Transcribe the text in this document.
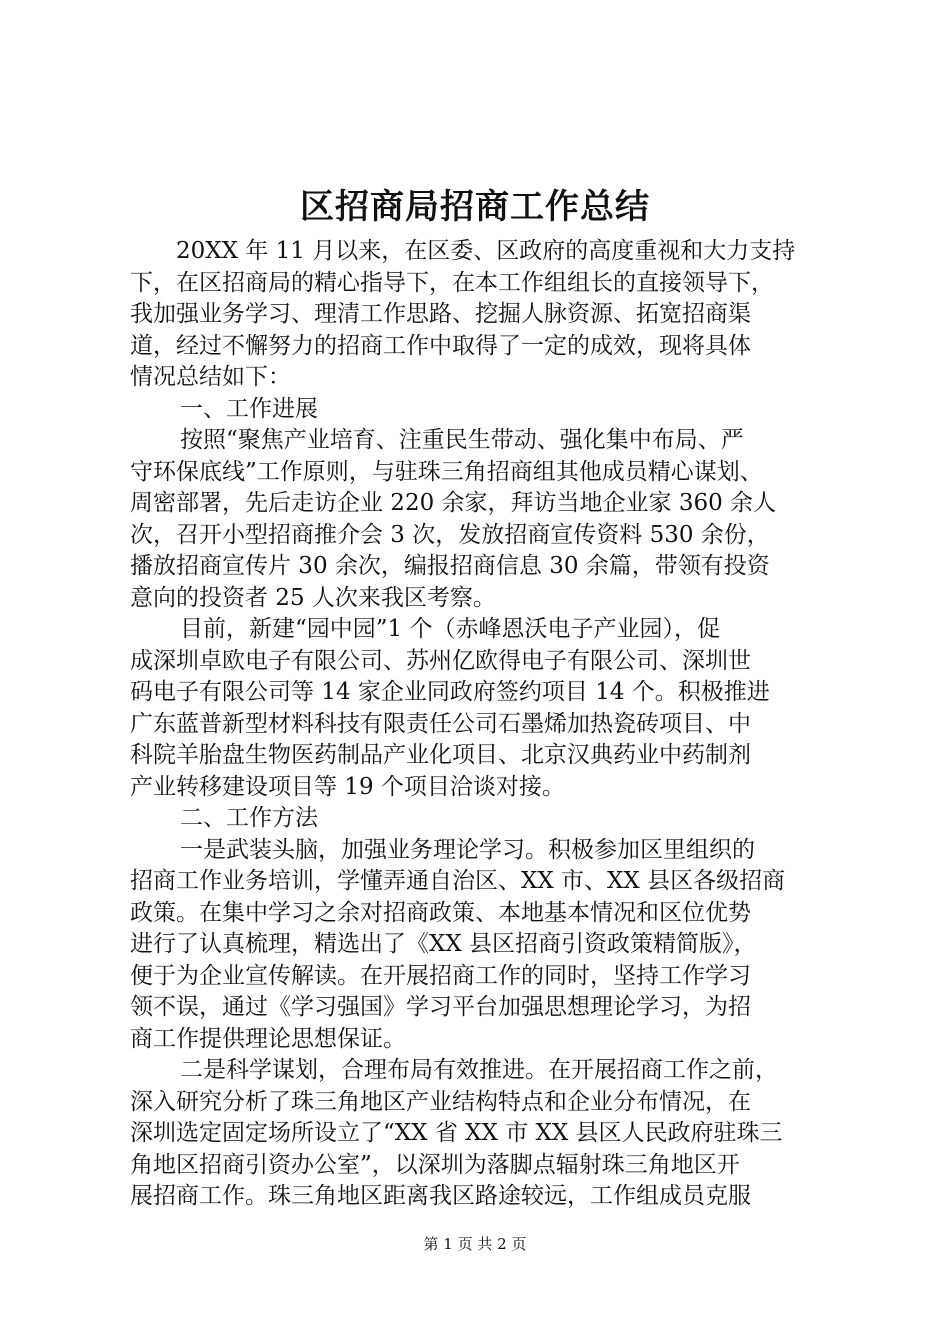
区招商局招商工作总结
20XX 年 11 月以来，在区委、区政府的高度重视和大力支持
下，在区招商局的精心指导下，在本工作组组长的直接领导下，
我加强业务学习、理清工作思路、挖掘人脉资源、拓宽招商渠
道，经过不懈努力的招商工作中取得了一定的成效，现将具体
情况总结如下：
一、工作进展
按照“聚焦产业培育、注重民生带动、强化集中布局、严
守环保底线”工作原则，与驻珠三角招商组其他成员精心谋划、
周密部署，先后走访企业 220 余家，拜访当地企业家 360 余人
次，召开小型招商推介会 3 次，发放招商宣传资料 530 余份，
播放招商宣传片 30 余次，编报招商信息 30 余篇，带领有投资
意向的投资者 25 人次来我区考察。
目前，新建“园中园”1 个（赤峰恩沃电子产业园），促
成深圳卓欧电子有限公司、苏州亿欧得电子有限公司、深圳世
码电子有限公司等 14 家企业同政府签约项目 14 个。积极推进
广东蓝普新型材料科技有限责任公司石墨烯加热瓷砖项目、中
科院羊胎盘生物医药制品产业化项目、北京汉典药业中药制剂
产业转移建设项目等 19 个项目洽谈对接。
二、工作方法
一是武装头脑，加强业务理论学习。积极参加区里组织的
招商工作业务培训，学懂弄通自治区、XX 市、XX 县区各级招商
政策。在集中学习之余对招商政策、本地基本情况和区位优势
进行了认真梳理，精选出了《XX 县区招商引资政策精简版》，
便于为企业宣传解读。在开展招商工作的同时，坚持工作学习
领不误，通过《学习强国》学习平台加强思想理论学习，为招
商工作提供理论思想保证。
二是科学谋划，合理布局有效推进。在开展招商工作之前，
深入研究分析了珠三角地区产业结构特点和企业分布情况，在
深圳选定固定场所设立了“XX 省 XX 市 XX 县区人民政府驻珠三
角地区招商引资办公室”，以深圳为落脚点辐射珠三角地区开
展招商工作。珠三角地区距离我区路途较远，工作组成员克服
第 1 页 共 2 页
